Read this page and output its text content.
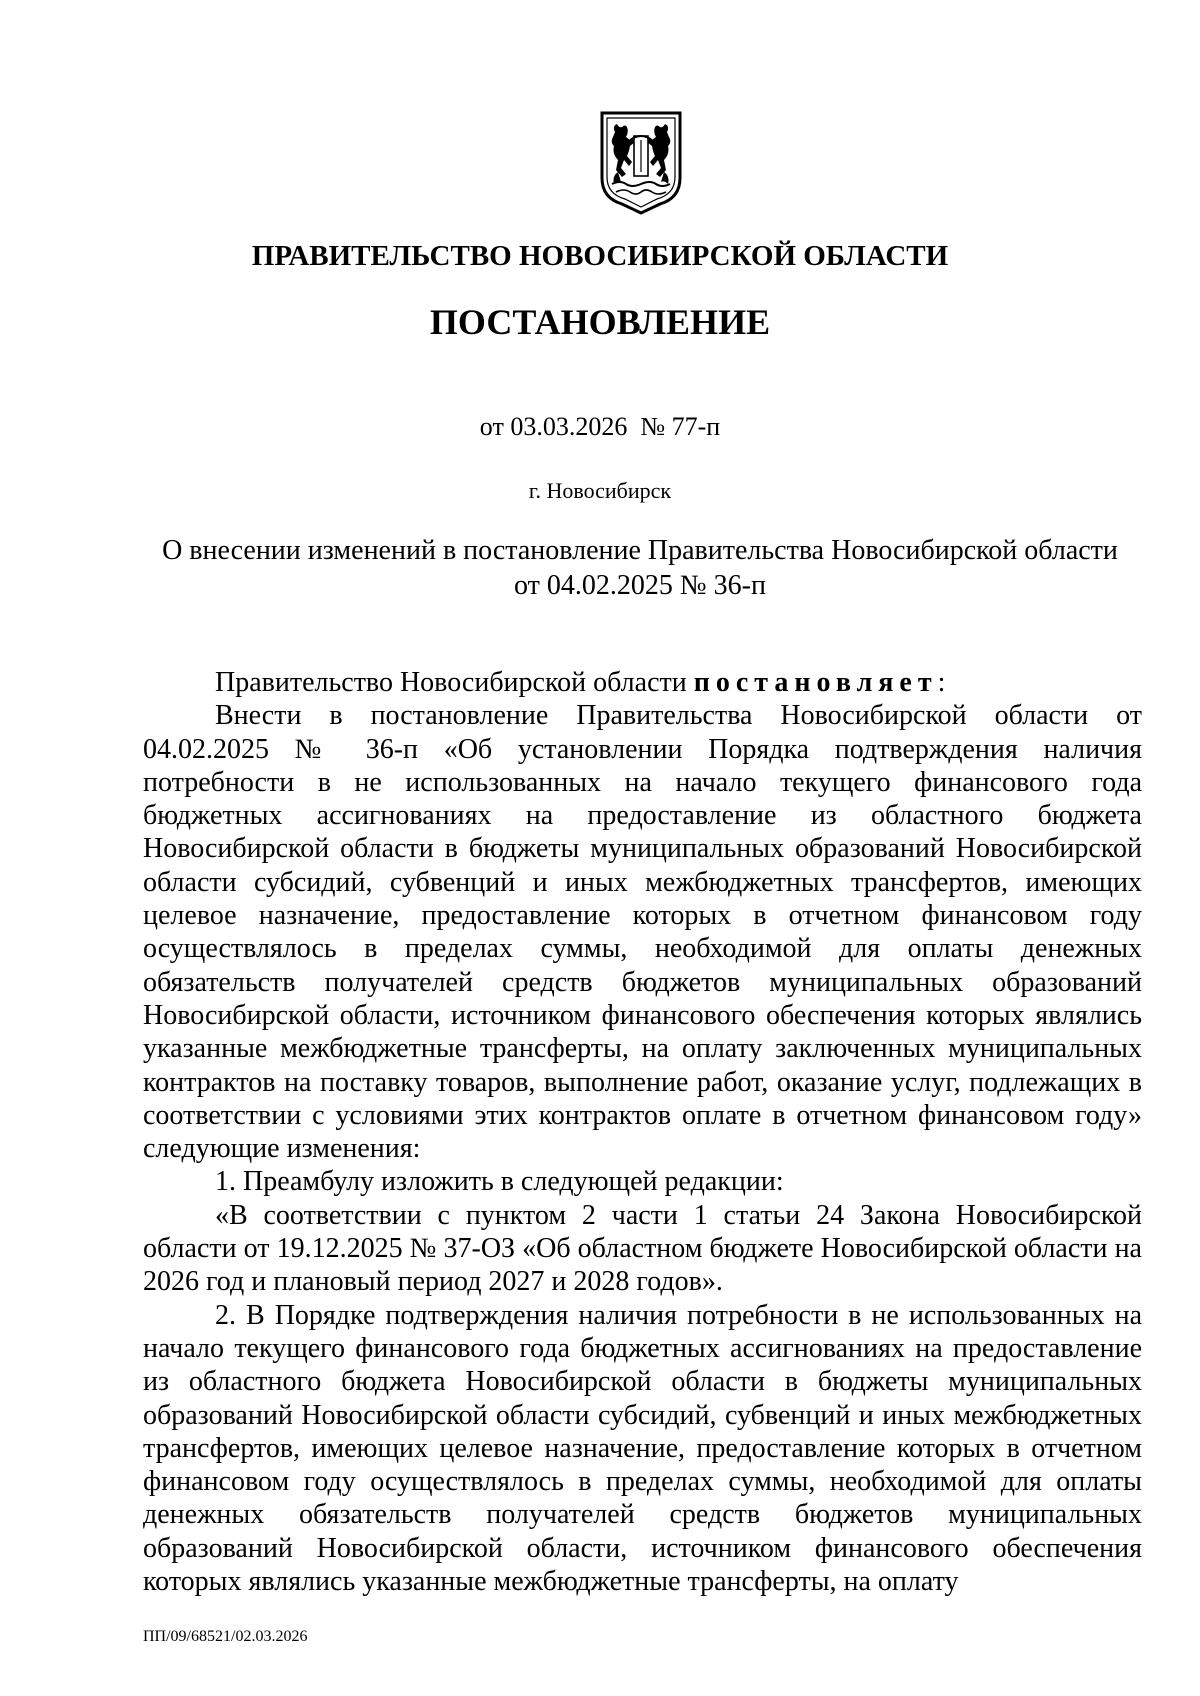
ПРАВИТЕЛЬСТВО НОВОСИБИРСКОЙ ОБЛАСТИ
ПОСТАНОВЛЕНИЕ
от 03.03.2026  № 77-п
г. Новосибирск
О внесении изменений в постановление Правительства Новосибирской области
от 04.02.2025 № 36-п

Правительство Новосибирской области постановляет:

Внести в постановление Правительства Новосибирской области от 04.02.2025 № 36-п «Об установлении Порядка подтверждения наличия потребности в не использованных на начало текущего финансового года бюджетных ассигнованиях на предоставление из областного бюджета Новосибирской области в бюджеты муниципальных образований Новосибирской области субсидий, субвенций и иных межбюджетных трансфертов, имеющих целевое назначение, предоставление которых в отчетном финансовом году осуществлялось в пределах суммы, необходимой для оплаты денежных обязательств получателей средств бюджетов муниципальных образований Новосибирской области, источником финансового обеспечения которых являлись указанные межбюджетные трансферты, на оплату заключенных муниципальных контрактов на поставку товаров, выполнение работ, оказание услуг, подлежащих в соответствии с условиями этих контрактов оплате в отчетном финансовом году» следующие изменения:

1. Преамбулу изложить в следующей редакции:

«В соответствии с пунктом 2 части 1 статьи 24 Закона Новосибирской области от 19.12.2025 № 37-ОЗ «Об областном бюджете Новосибирской области на 2026 год и плановый период 2027 и 2028 годов».

2. В Порядке подтверждения наличия потребности в не использованных на начало текущего финансового года бюджетных ассигнованиях на предоставление из областного бюджета Новосибирской области в бюджеты муниципальных образований Новосибирской области субсидий, субвенций и иных межбюджетных трансфертов, имеющих целевое назначение, предоставление которых в отчетном финансовом году осуществлялось в пределах суммы, необходимой для оплаты денежных обязательств получателей средств бюджетов муниципальных образований Новосибирской области, источником финансового обеспечения которых являлись указанные межбюджетные трансферты, на оплату

ПП/09/68521/02.03.2026
